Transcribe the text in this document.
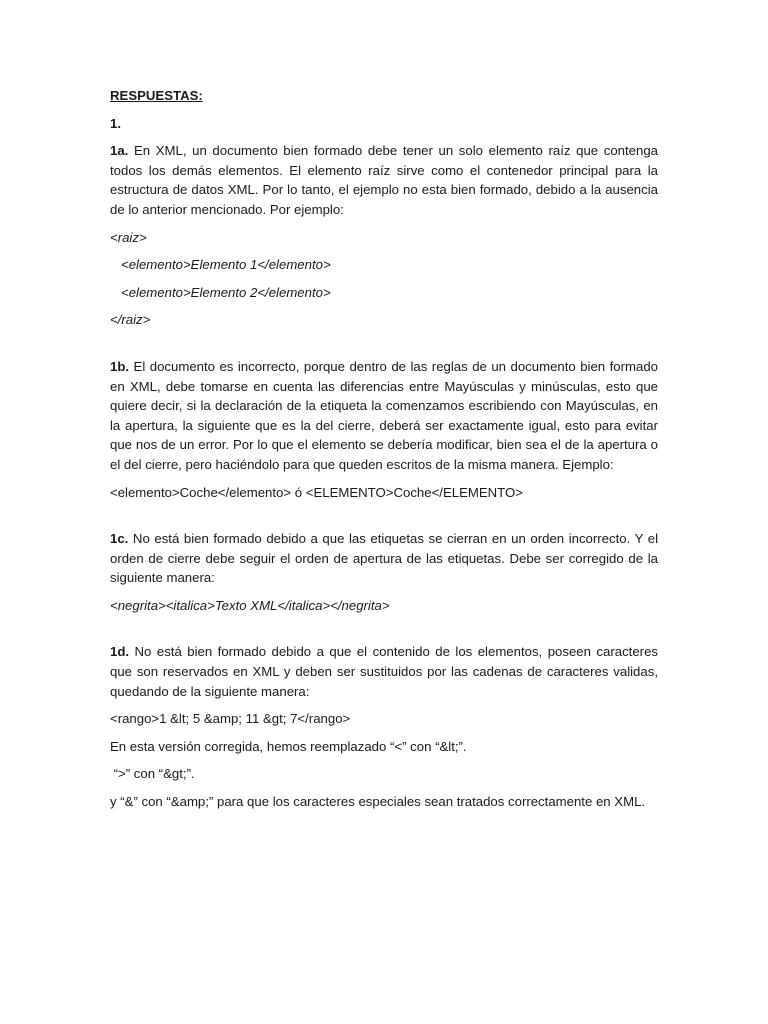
RESPUESTAS:
1.
1a. En XML, un documento bien formado debe tener un solo elemento raíz que contenga todos los demás elementos. El elemento raíz sirve como el contenedor principal para la estructura de datos XML. Por lo tanto, el ejemplo no esta bien formado, debido a la ausencia de lo anterior mencionado. Por ejemplo:
<raiz>
<elemento>Elemento 1</elemento>
<elemento>Elemento 2</elemento>
</raiz>
1b. El documento es incorrecto, porque dentro de las reglas de un documento bien formado en XML, debe tomarse en cuenta las diferencias entre Mayúsculas y minúsculas, esto que quiere decir, si la declaración de la etiqueta la comenzamos escribiendo con Mayúsculas, en la apertura, la siguiente que es la del cierre, deberá ser exactamente igual, esto para evitar que nos de un error. Por lo que el elemento se debería modificar, bien sea el de la apertura o el del cierre, pero haciéndolo para que queden escritos de la misma manera. Ejemplo:
<elemento>Coche</elemento> ó <ELEMENTO>Coche</ELEMENTO>
1c. No está bien formado debido a que las etiquetas se cierran en un orden incorrecto. Y el orden de cierre debe seguir el orden de apertura de las etiquetas. Debe ser corregido de la siguiente manera:
<negrita><italica>Texto XML</italica></negrita>
1d. No está bien formado debido a que el contenido de los elementos, poseen caracteres que son reservados en XML y deben ser sustituidos por las cadenas de caracteres validas, quedando de la siguiente manera:
<rango>1 &lt; 5 &amp; 11 &gt; 7</rango>
En esta versión corregida, hemos reemplazado “<” con “&lt;”.
“>” con “&gt;”.
y “&” con “&amp;” para que los caracteres especiales sean tratados correctamente en XML.
